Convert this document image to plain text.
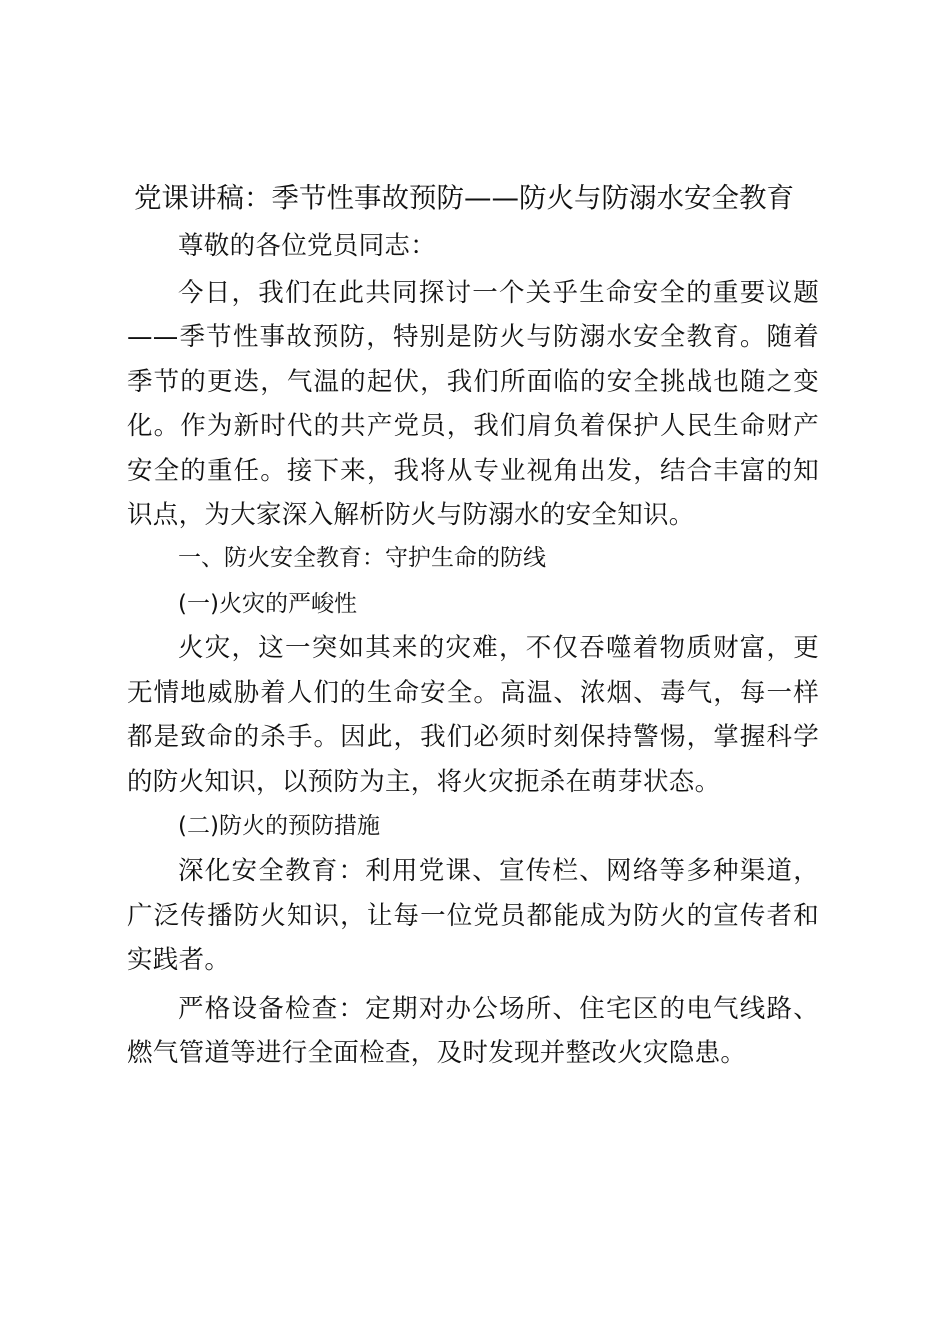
党课讲稿：季节性事故预防——防火与防溺水安全教育

尊敬的各位党员同志：

今日，我们在此共同探讨一个关乎生命安全的重要议题——季节性事故预防，特别是防火与防溺水安全教育。随着季节的更迭，气温的起伏，我们所面临的安全挑战也随之变化。作为新时代的共产党员，我们肩负着保护人民生命财产安全的重任。接下来，我将从专业视角出发，结合丰富的知识点，为大家深入解析防火与防溺水的安全知识。

一、防火安全教育：守护生命的防线
(一)火灾的严峻性

火灾，这一突如其来的灾难，不仅吞噬着物质财富，更无情地威胁着人们的生命安全。高温、浓烟、毒气，每一样都是致命的杀手。因此，我们必须时刻保持警惕，掌握科学的防火知识，以预防为主，将火灾扼杀在萌芽状态。

(二)防火的预防措施

深化安全教育：利用党课、宣传栏、网络等多种渠道，广泛传播防火知识，让每一位党员都能成为防火的宣传者和实践者。

严格设备检查：定期对办公场所、住宅区的电气线路、燃气管道等进行全面检查，及时发现并整改火灾隐患。
